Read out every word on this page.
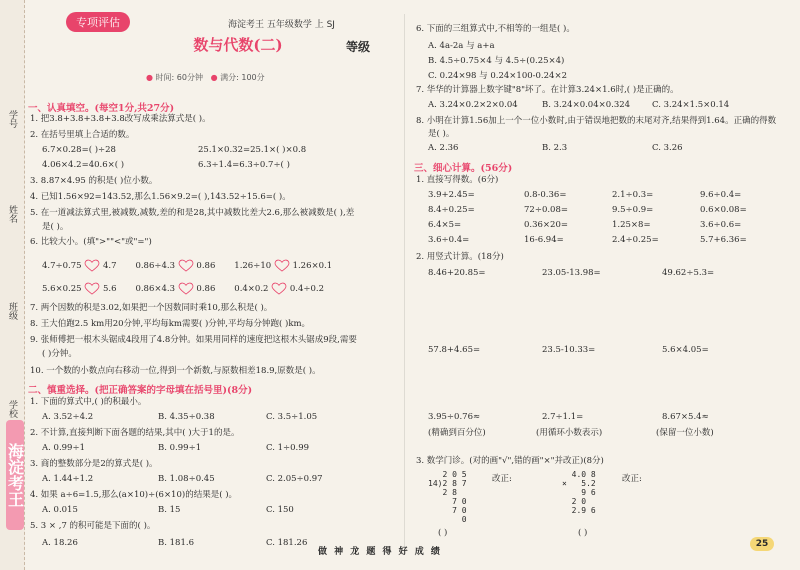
学号
姓名
班级
学校
海淀考王
专项评估	海淀考王 五年级数学 上 SJ
数与代数(二)	等级
● 时间: 60分钟 ● 满分: 100分
一、认真填空。(每空1分,共27分)
1. 把3.8+3.8+3.8+3.8改写成乘法算式是( )。
2. 在括号里填上合适的数。
6.7×0.28=( )÷28	25.1×0.32=25.1×( )×0.8
4.06×4.2=40.6×( )	6.3÷1.4=6.3÷0.7÷( )
3. 8.87×4.95 的积是( )位小数。
4. 已知1.56×92=143.52,那么1.56×9.2=( ),143.52÷15.6=( )。
5. 在一道减法算式里,被减数,减数,差的和是28,其中减数比差大2.6,那么被减数是( ),差
是( )。
6. 比较大小。(填">""<"或"=")
4.7÷0.75	4.7 0.86÷4.3	0.86 1.26÷10	1.26×0.1
5.6×0.25	5.6 0.86×4.3	0.86 0.4×0.2	0.4÷0.2
7. 两个因数的积是3.02,如果把一个因数同时乘10,那么积是( )。
8. 王大伯跑2.5 km用20分钟,平均每km需要( )分钟,平均每分钟跑( )km。
9. 张师傅把一根木头锯成4段用了4.8分钟。如果用同样的速度把这根木头锯成9段,需要
( )分钟。
10. 一个数的小数点向右移动一位,得到一个新数,与原数相差18.9,原数是( )。
二、慎重选择。(把正确答案的字母填在括号里)(8分)
1. 下面的算式中,( )的积最小。
A. 3.52÷4.2	B. 4.35÷0.38	C. 3.5÷1.05
2. 不计算,直接判断下面各题的结果,其中( )大于1的是。
A. 0.99÷1	B. 0.99÷1	C. 1÷0.99
3. 商的整数部分是2的算式是( )。
A. 1.44÷1.2	B. 1.08÷0.45	C. 2.05÷0.97
4. 如果 a÷6=1.5,那么(a×10)÷(6×10)的结果是( )。
A. 0.015	B. 15	C. 150
5. 3 × ,7 的积可能是下面的( )。
A. 18.26	B. 181.6	C. 181.26
6. 下面的三组算式中,不相等的一组是( )。
A. 4a-2a 与 a+a
B. 4.5÷0.75×4 与 4.5÷(0.25×4)
C. 0.24×98 与 0.24×100-0.24×2
7. 华华的计算器上数字键"8"坏了。在计算3.24×1.6时,( )是正确的。
A. 3.24×0.2×2×0.04	B. 3.24×0.04×0.324	C. 3.24×1.5×0.14
8. 小明在计算1.56加上一个一位小数时,由于错误地把数的末尾对齐,结果得到1.64。正确的得数
是( )。
A. 2.36	B. 2.3	C. 3.26
三、细心计算。(56分)
1. 直接写得数。(6分)
3.9+2.45=	0.8-0.36=	2.1÷0.3=	9.6÷0.4=
8.4÷0.25=	72÷0.08=	9.5÷0.9=	0.6×0.08=
6.4×5=	0.36×20=	1.25×8=	3.6÷0.6=
3.6÷0.4=	16-6.94=	2.4÷0.25=	5.7+6.36=
2. 用竖式计算。(18分)
8.46+20.85=	23.05-13.98=	49.62÷5.3=
57.8+4.65=	23.5-10.33=	5.6×4.05=
3.95÷0.76≈	2.7÷1.1=	8.67×5.4≈
(精确到百分位)	(用循环小数表示)	(保留一位小数)
3. 数学门诊。(对的画"√",错的画"×"并改正)(8分)
2 0 5
14)2 8 7
2 8
7 0
7 0
0
改正:
( )
4.0 8
×   5.2
9 6
2 0
2.9 6
改正:
( )
做 神 龙 题 得 好 成 绩
25
